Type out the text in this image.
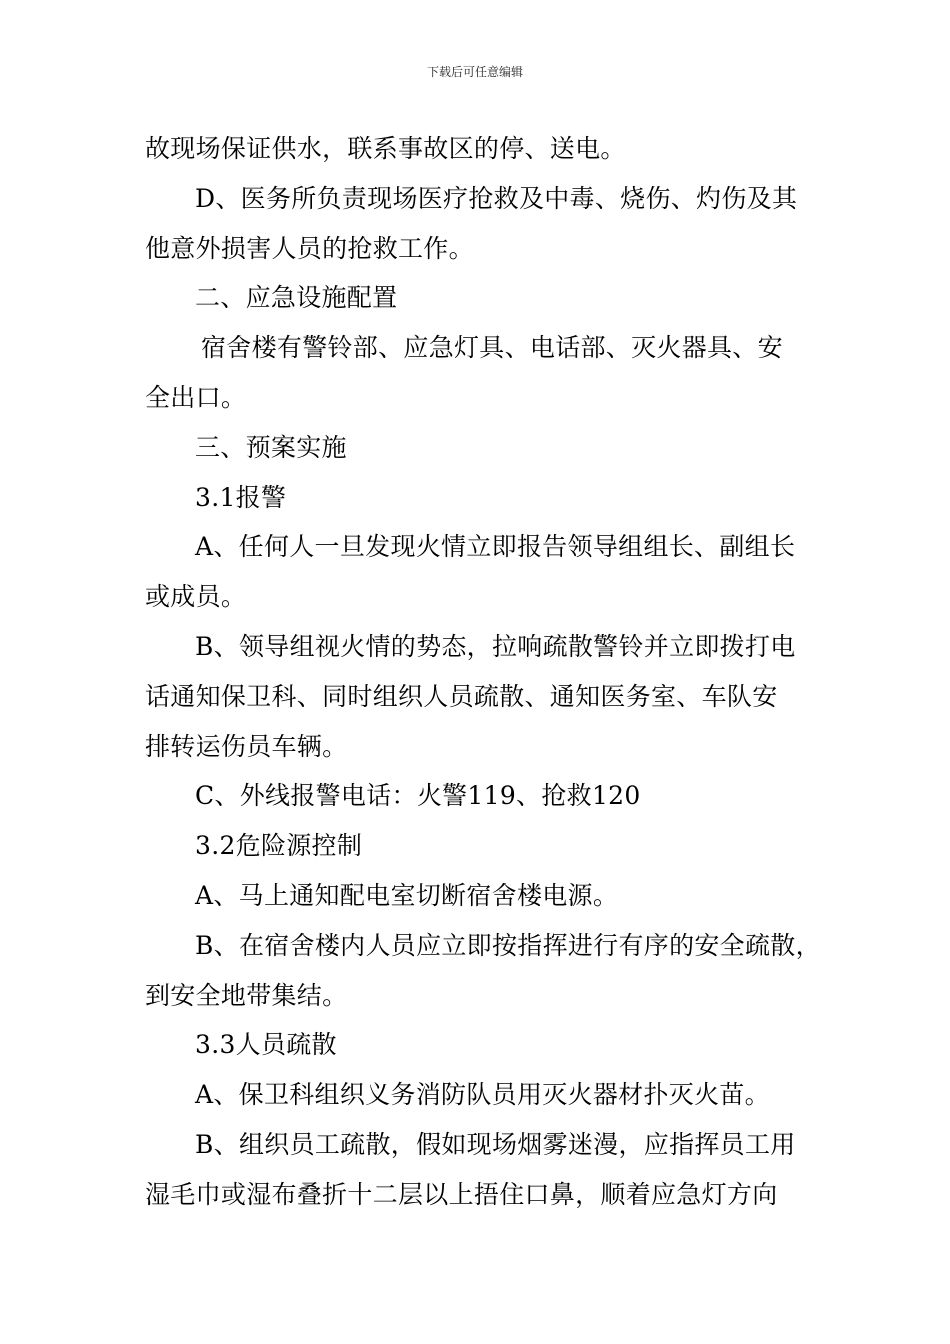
下载后可任意编辑
故现场保证供水，联系事故区的停、送电。
D、医务所负责现场医疗抢救及中毒、烧伤、灼伤及其
他意外损害人员的抢救工作。
二、应急设施配置
宿舍楼有警铃部、应急灯具、电话部、灭火器具、安
全出口。
三、预案实施
3.1报警
A、任何人一旦发现火情立即报告领导组组长、副组长
或成员。
B、领导组视火情的势态，拉响疏散警铃并立即拨打电
话通知保卫科、同时组织人员疏散、通知医务室、车队安
排转运伤员车辆。
C、外线报警电话：火警119、抢救120
3.2危险源控制
A、马上通知配电室切断宿舍楼电源。
B、在宿舍楼内人员应立即按指挥进行有序的安全疏散，
到安全地带集结。
3.3人员疏散
A、保卫科组织义务消防队员用灭火器材扑灭火苗。
B、组织员工疏散，假如现场烟雾迷漫，应指挥员工用
湿毛巾或湿布叠折十二层以上捂住口鼻，顺着应急灯方向
